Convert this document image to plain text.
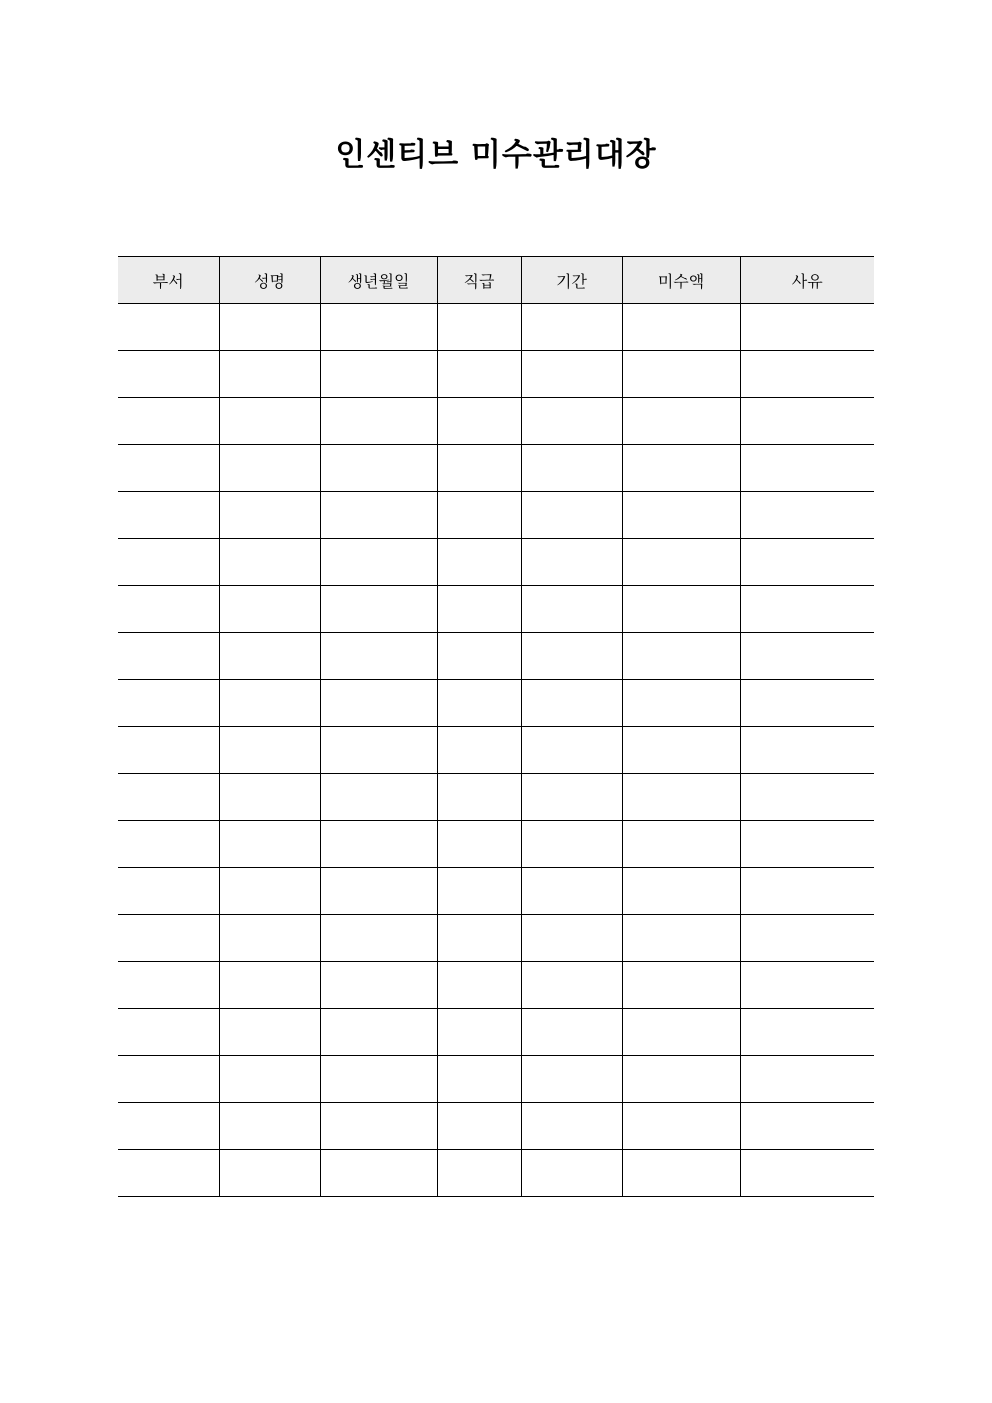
인센티브 미수관리대장
부서	성명	생년월일	직급	기간	미수액	사유
